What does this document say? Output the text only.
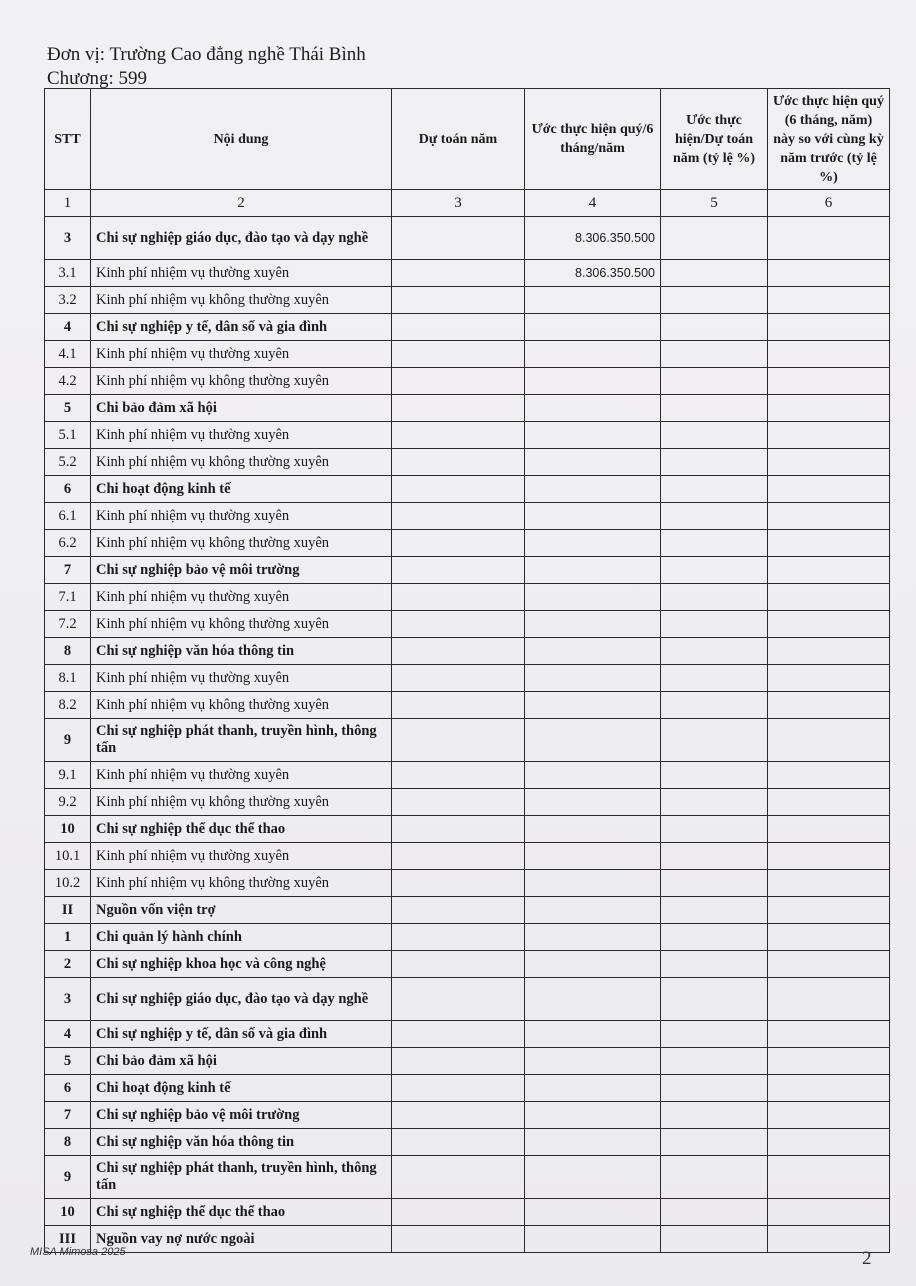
Đơn vị: Trường Cao đẳng nghề Thái Bình
Chương: 599
STT	Nội dung	Dự toán năm	Ước thực hiện quý/6 tháng/năm	Ước thực hiện/Dự toán năm (tỷ lệ %)	Ước thực hiện quý (6 tháng, năm) này so với cùng kỳ năm trước (tỷ lệ %)
1	2	3	4	5	6
3	Chi sự nghiệp giáo dục, đào tạo và dạy nghề		8.306.350.500		
3.1	Kinh phí nhiệm vụ thường xuyên		8.306.350.500		
3.2	Kinh phí nhiệm vụ không thường xuyên				
4	Chi sự nghiệp y tế, dân số và gia đình				
4.1	Kinh phí nhiệm vụ thường xuyên				
4.2	Kinh phí nhiệm vụ không thường xuyên				
5	Chi bảo đảm xã hội				
5.1	Kinh phí nhiệm vụ thường xuyên				
5.2	Kinh phí nhiệm vụ không thường xuyên				
6	Chi hoạt động kinh tế				
6.1	Kinh phí nhiệm vụ thường xuyên				
6.2	Kinh phí nhiệm vụ không thường xuyên				
7	Chi sự nghiệp bảo vệ môi trường				
7.1	Kinh phí nhiệm vụ thường xuyên				
7.2	Kinh phí nhiệm vụ không thường xuyên				
8	Chi sự nghiệp văn hóa thông tin				
8.1	Kinh phí nhiệm vụ thường xuyên				
8.2	Kinh phí nhiệm vụ không thường xuyên				
9	Chi sự nghiệp phát thanh, truyền hình, thông tấn				
9.1	Kinh phí nhiệm vụ thường xuyên				
9.2	Kinh phí nhiệm vụ không thường xuyên				
10	Chi sự nghiệp thể dục thể thao				
10.1	Kinh phí nhiệm vụ thường xuyên				
10.2	Kinh phí nhiệm vụ không thường xuyên				
II	Nguồn vốn viện trợ				
1	Chi quản lý hành chính				
2	Chi sự nghiệp khoa học và công nghệ				
3	Chi sự nghiệp giáo dục, đào tạo và dạy nghề				
4	Chi sự nghiệp y tế, dân số và gia đình				
5	Chi bảo đảm xã hội				
6	Chi hoạt động kinh tế				
7	Chi sự nghiệp bảo vệ môi trường				
8	Chi sự nghiệp văn hóa thông tin				
9	Chi sự nghiệp phát thanh, truyền hình, thông tấn				
10	Chi sự nghiệp thể dục thể thao				
III	Nguồn vay nợ nước ngoài				
MISA Mimosa 2025	2
